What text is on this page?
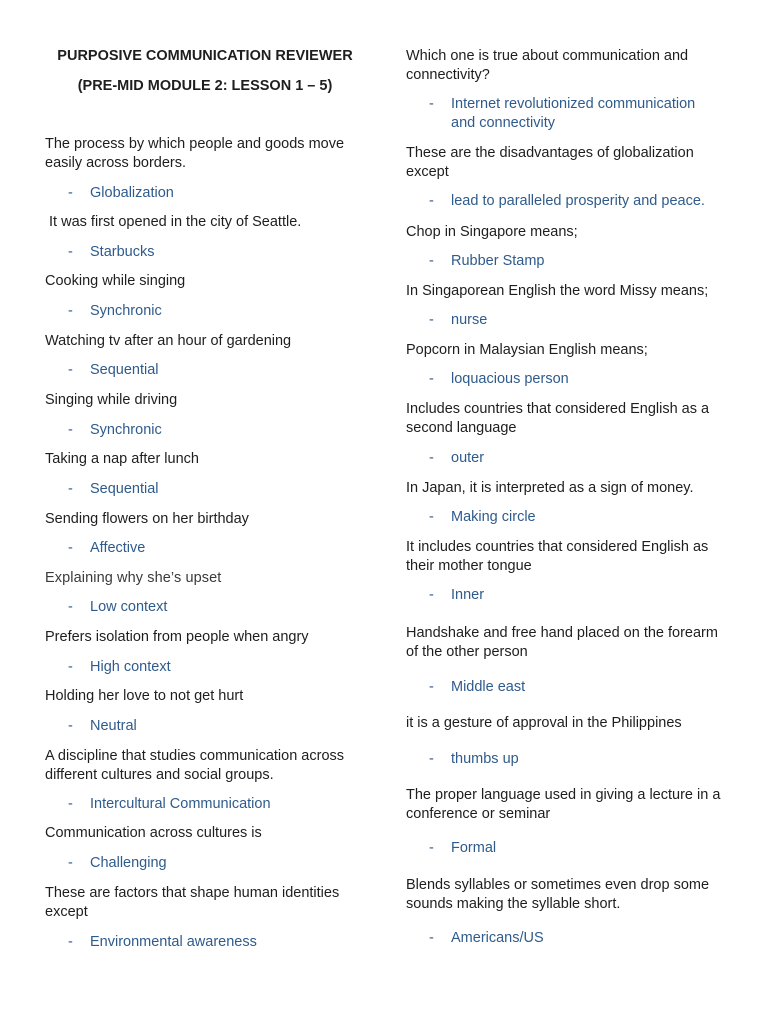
PURPOSIVE COMMUNICATION REVIEWER
(PRE-MID MODULE 2: LESSON 1 – 5)
The process by which people and goods move easily across borders.
- Globalization
It was first opened in the city of Seattle.
- Starbucks
Cooking while singing
- Synchronic
Watching tv after an hour of gardening
- Sequential
Singing while driving
- Synchronic
Taking a nap after lunch
- Sequential
Sending flowers on her birthday
- Affective
Explaining why she’s upset
- Low context
Prefers isolation from people when angry
- High context
Holding her love to not get hurt
- Neutral
A discipline that studies communication across different cultures and social groups.
- Intercultural Communication
Communication across cultures is
- Challenging
These are factors that shape human identities except
- Environmental awareness
Which one is true about communication and connectivity?
- Internet revolutionized communication and connectivity
These are the disadvantages of globalization except
- lead to paralleled prosperity and peace.
Chop in Singapore means;
- Rubber Stamp
In Singaporean English the word Missy means;
- nurse
Popcorn in Malaysian English means;
- loquacious person
Includes countries that considered English as a second language
- outer
In Japan, it is interpreted as a sign of money.
- Making circle
It includes countries that considered English as their mother tongue
- Inner
Handshake and free hand placed on the forearm of the other person
- Middle east
it is a gesture of approval in the Philippines
- thumbs up
The proper language used in giving a lecture in a conference or seminar
- Formal
Blends syllables or sometimes even drop some sounds making the syllable short.
- Americans/US
